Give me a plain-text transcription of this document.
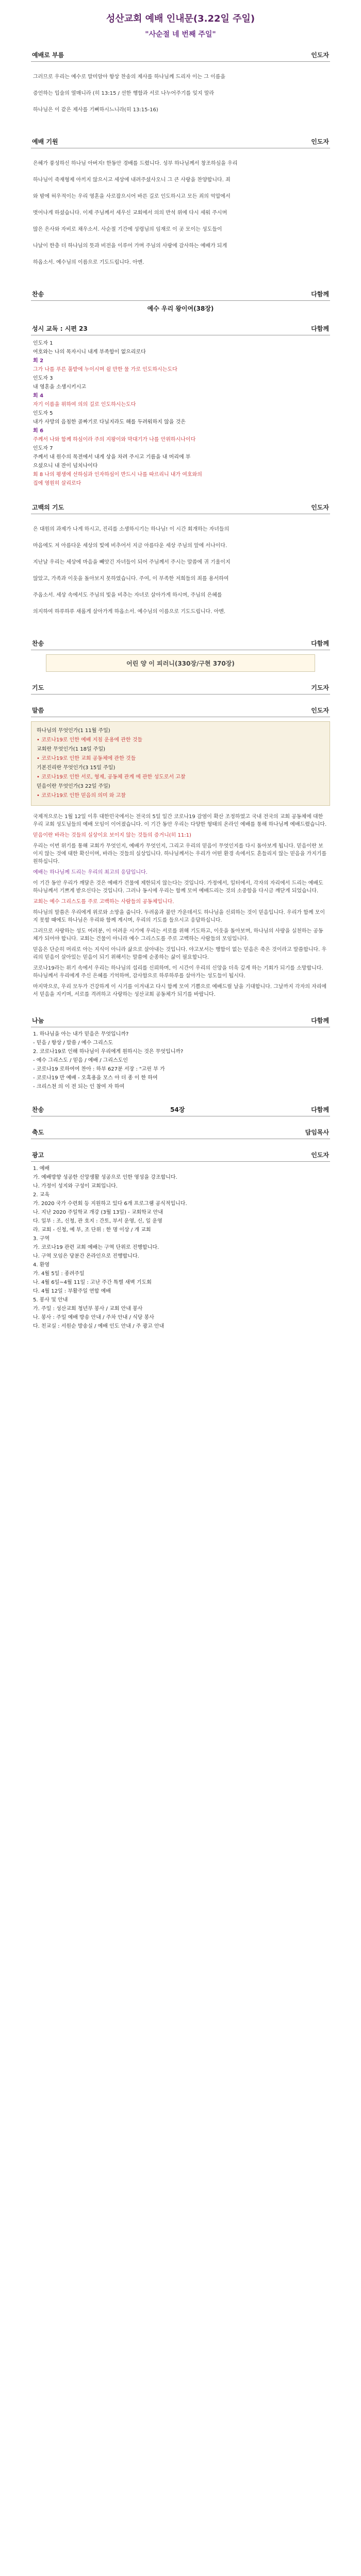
성산교회 예배 인내문(3.22일 주일)
"사순절 네 번째 주일"
예배로 부름	인도자

그러므로 우리는 예수로 말미암아 항상 찬송의 제사를 하나님께 드리자 이는 그 이름을

증언하는 입술의 열매니라 (히 13:15 / 선한 행함과 서로 나누어주기를 잊지 말라

하나님은 이 같은 제사를 기뻐하시느니라(히 13:15-16)

예배 기원	인도자

은혜가 풍성하신 하나님 아버지! 한동안 경배를 드렸니다. 성부 하나님께서 창조하심을 우리

하나님이 죽재형제 아끼지 않으시고 세상에 내려주셨사오니 그 큰 사랑을 찬양합니다. 죄

와 밤에 허우적이는 우리 영혼을 사로잡으시어 바른 길로 인도하시고 모든 죄의 억압에서

벗어나게 하셨습니다. 이제 주님께서 세우신 교회에서 의의 반석 위에 다시 세워 주시며

많은 은사와 자비로 채우소서. 사순절 기간에 성령님의 임재로 이 곳 모이는 성도들이

나날이 한층 더 하나님의 뜻과 비전을 이루어 가며 주님의 사랑에 감사하는 예배가 되게

하옵소서. 예수님의 이름으로 기도드립니다. 아멘.

찬송	다함께
예수 우리 왕이여(38장)
성시 교독 : 시편 23	다함께
인도자 1
여호와는 나의 목자시니 내게 부족함이 없으리로다
회 2
그가 나를 푸른 풀밭에 누이시며 쉴 만한 물 가로 인도하시는도다
인도자 3
내 영혼을 소생시키시고
회 4
자기 이름을 위하여 의의 길로 인도하시는도다
인도자 5
내가 사망의 음침한 골짜기로 다닐지라도 해를 두려워하지 않을 것은
회 6
주께서 나와 함께 하심이라 주의 지팡이와 막대기가 나를 안위하시나이다
인도자 7
주께서 내 원수의 목전에서 내게 상을 차려 주시고 기름을 내 머리에 부
으셨으니 내 잔이 넘치나이다
회 8 나의 평생에 선하심과 인자하심이 반드시 나를 따르리니 내가 여호와의
집에 영원히 살리로다
고백의 기도	인도자

은 대원의 과제가 나게 하시고, 진리를 소생하시기는 하나님! 이 시간 회개하는 자녀들의

마음에도 저 아름다운 세상의 빛에 비추어서 지금 아름다운 세상 주님의 앞에 서나이다.

지난날 우리는 세상에 마음을 빼앗긴 자녀들이 되어 주님께서 주시는 말씀에 귀 기울이지

않았고, 가족과 이웃을 돌아보지 못하였습니다. 주여, 이 부족한 저희들의 죄를 용서하여

주옵소서. 세상 속에서도 주님의 빛을 비추는 자녀로 살아가게 하시며, 주님의 은혜를

의지하여 하루하루 새롭게 살아가게 하옵소서. 예수님의 이름으로 기도드립니다. 아멘.

찬송	다함께
어린 양 이 피러니(330장/구현 370장)
기도	기도자
말씀	인도자
하나님의 무엇인가(1 11월 주일)
• 코로나19로 인한 예배 지침 운용에 관한 것들
교회란 무엇인가(1 18일 주일)
• 코로나19로 인한 교회 공동체에 관한 것들
기본진리란 무엇인가(3 15일 주일)
• 코로나19로 인한 서로, 형제, 공동체 관계 에 관한 성도로서 고찰
믿음이란 무엇인가(3 22일 주일)
• 코로나19로 인한 믿음의 의미 와 고찰

국제적으로는 1월 12일 이후 대한민국에서는 전국의 5일 일간 코로나19 감염이 확산 조정하였고 국내 전국의 교회 공동체에 대한 우리 교회 성도님들의 예배 모임이 이어졌습니다. 이 기간 동안 우리는 다양한 형태의 온라인 예배를 통해 하나님께 예배드렸습니다.

믿음이란 바라는 것들의 실상이요 보이지 않는 것들의 증거니(히 11:1)

우리는 이번 위기를 통해 교회가 무엇인지, 예배가 무엇인지, 그리고 우리의 믿음이 무엇인지를 다시 돌아보게 됩니다. 믿음이란 보이지 않는 것에 대한 확신이며, 바라는 것들의 실상입니다. 하나님께서는 우리가 어떤 환경 속에서도 흔들리지 않는 믿음을 가지기를 원하십니다.

예배는 하나님께 드리는 우리의 최고의 응답입니다.

이 기간 동안 우리가 깨달은 것은 예배가 건물에 제한되지 않는다는 것입니다. 가정에서, 일터에서, 각자의 자리에서 드리는 예배도 하나님께서 기쁘게 받으신다는 것입니다. 그러나 동시에 우리는 함께 모여 예배드리는 것의 소중함을 다시금 깨닫게 되었습니다.

교회는 예수 그리스도를 주로 고백하는 사람들의 공동체입니다.

하나님의 말씀은 우리에게 위로와 소망을 줍니다. 두려움과 불안 가운데서도 하나님을 신뢰하는 것이 믿음입니다. 우리가 함께 모이지 못할 때에도 하나님은 우리와 함께 계시며, 우리의 기도를 들으시고 응답하십니다.

그러므로 사랑하는 성도 여러분, 이 어려운 시기에 우리는 서로를 위해 기도하고, 이웃을 돌아보며, 하나님의 사랑을 실천하는 공동체가 되어야 합니다. 교회는 건물이 아니라 예수 그리스도를 주로 고백하는 사람들의 모임입니다.

믿음은 단순히 머리로 아는 지식이 아니라 삶으로 살아내는 것입니다. 야고보서는 행함이 없는 믿음은 죽은 것이라고 말씀합니다. 우리의 믿음이 살아있는 믿음이 되기 위해서는 말씀에 순종하는 삶이 필요합니다.

코로나19라는 위기 속에서 우리는 하나님의 섭리를 신뢰하며, 이 시간이 우리의 신앙을 더욱 깊게 하는 기회가 되기를 소망합니다. 하나님께서 우리에게 주신 은혜를 기억하며, 감사함으로 하루하루를 살아가는 성도들이 됩시다.

마지막으로, 우리 모두가 건강하게 이 시기를 이겨내고 다시 함께 모여 기쁨으로 예배드릴 날을 기대합니다. 그날까지 각자의 자리에서 믿음을 지키며, 서로를 격려하고 사랑하는 성산교회 공동체가 되기를 바랍니다.

나눔	다함께
1. 하나님을 아는 내가 믿음은 무엇입니까?
- 믿음 / 항상 / 말씀 / 예수 그리스도
2. 코로나19로 인해 하나님이 우리에게 원하시는 것은 무엇입니까?
- 예수 그리스도 / 믿음 / 예배 / 그리스도인
- 코로나19 로하여여 찬아 : 하부 627분 서장 : "고린 부 가
- 코로나19 만 예배 - 오혹용을 모스 아 더 종 이 한 하여
- 크리스천 의 이 전 되는 인 참여 자 하여
찬송	54장	다함께
축도	담임목사
광고	인도자
1. 예배
가. 예배방향 성공한 신앙생활 성공으로 인한 영성을 강조합니다.
나. 가정이 성지와 구성이 교회입니다.
2. 교육
가. 2020 국가 수련회 등 지원하고 있다 6개 프로그램 공식적입니다.
나. 지난 2020 주일학교 개강 (3월 13일) - 교회학교 안내
다. 일부 : 조, 신청, 관 호지 : 간토, 부서 운영, 신, 일 운영
라. 교회 - 신청, 예 부, 조 단위 : 한 명 이상 / 개 교회
3. 구역
가. 코로나19 관련 교회 예배는 구역 단위로 진행합니다.
나. 구역 모임은 당분간 온라인으로 진행합니다.
4. 환영
가. 4월 5일 : 종려주일
나. 4월 6일~4월 11일 : 고난 주간 특별 새벽 기도회
다. 4월 12일 : 부활주일 연합 예배
5. 봉사 및 안내
가. 주일 : 성산교회 청년부 봉사 / 교회 안내 봉사
나. 봉사 : 주일 예배 방송 안내 / 주차 안내 / 식당 봉사
다. 친교실 : 서원순 방송실 / 예배 인도 안내 / 주 광고 안내
